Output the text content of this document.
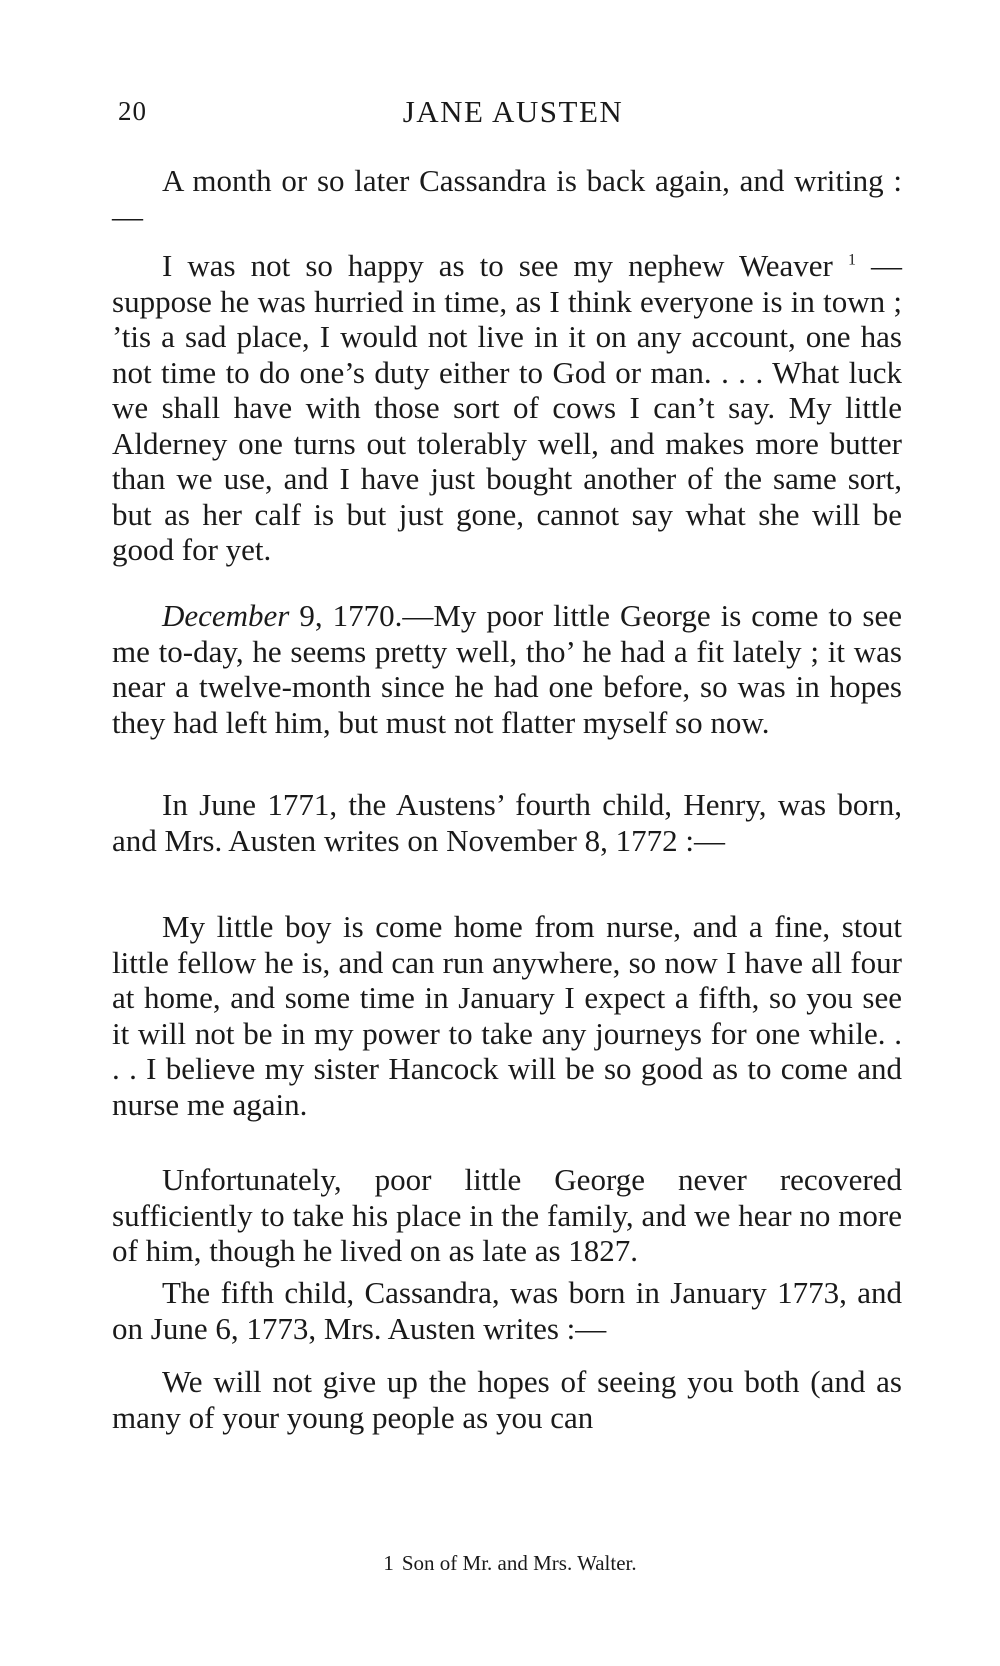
20	JANE AUSTEN

A month or so later Cassandra is back again, and writing :—

I was not so happy as to see my nephew Weaver $^1$ —suppose he was hurried in time, as I think everyone is in town ; ’tis a sad place, I would not live in it on any account, one has not time to do one’s duty either to God or man. . . . What luck we shall have with those sort of cows I can’t say. My little Alderney one turns out tolerably well, and makes more butter than we use, and I have just bought another of the same sort, but as her calf is but just gone, cannot say what she will be good for yet.

December 9, 1770.—My poor little George is come to see me to-day, he seems pretty well, tho’ he had a fit lately ; it was near a twelve-month since he had one before, so was in hopes they had left him, but must not flatter myself so now.

In June 1771, the Austens’ fourth child, Henry, was born, and Mrs. Austen writes on November 8, 1772 :—

My little boy is come home from nurse, and a fine, stout little fellow he is, and can run anywhere, so now I have all four at home, and some time in January I expect a fifth, so you see it will not be in my power to take any journeys for one while. . . . I believe my sister Hancock will be so good as to come and nurse me again.

Unfortunately, poor little George never recovered sufficiently to take his place in the family, and we hear no more of him, though he lived on as late as 1827.

The fifth child, Cassandra, was born in January 1773, and on June 6, 1773, Mrs. Austen writes :—

We will not give up the hopes of seeing you both (and as many of your young people as you can

1 Son of Mr. and Mrs. Walter.
